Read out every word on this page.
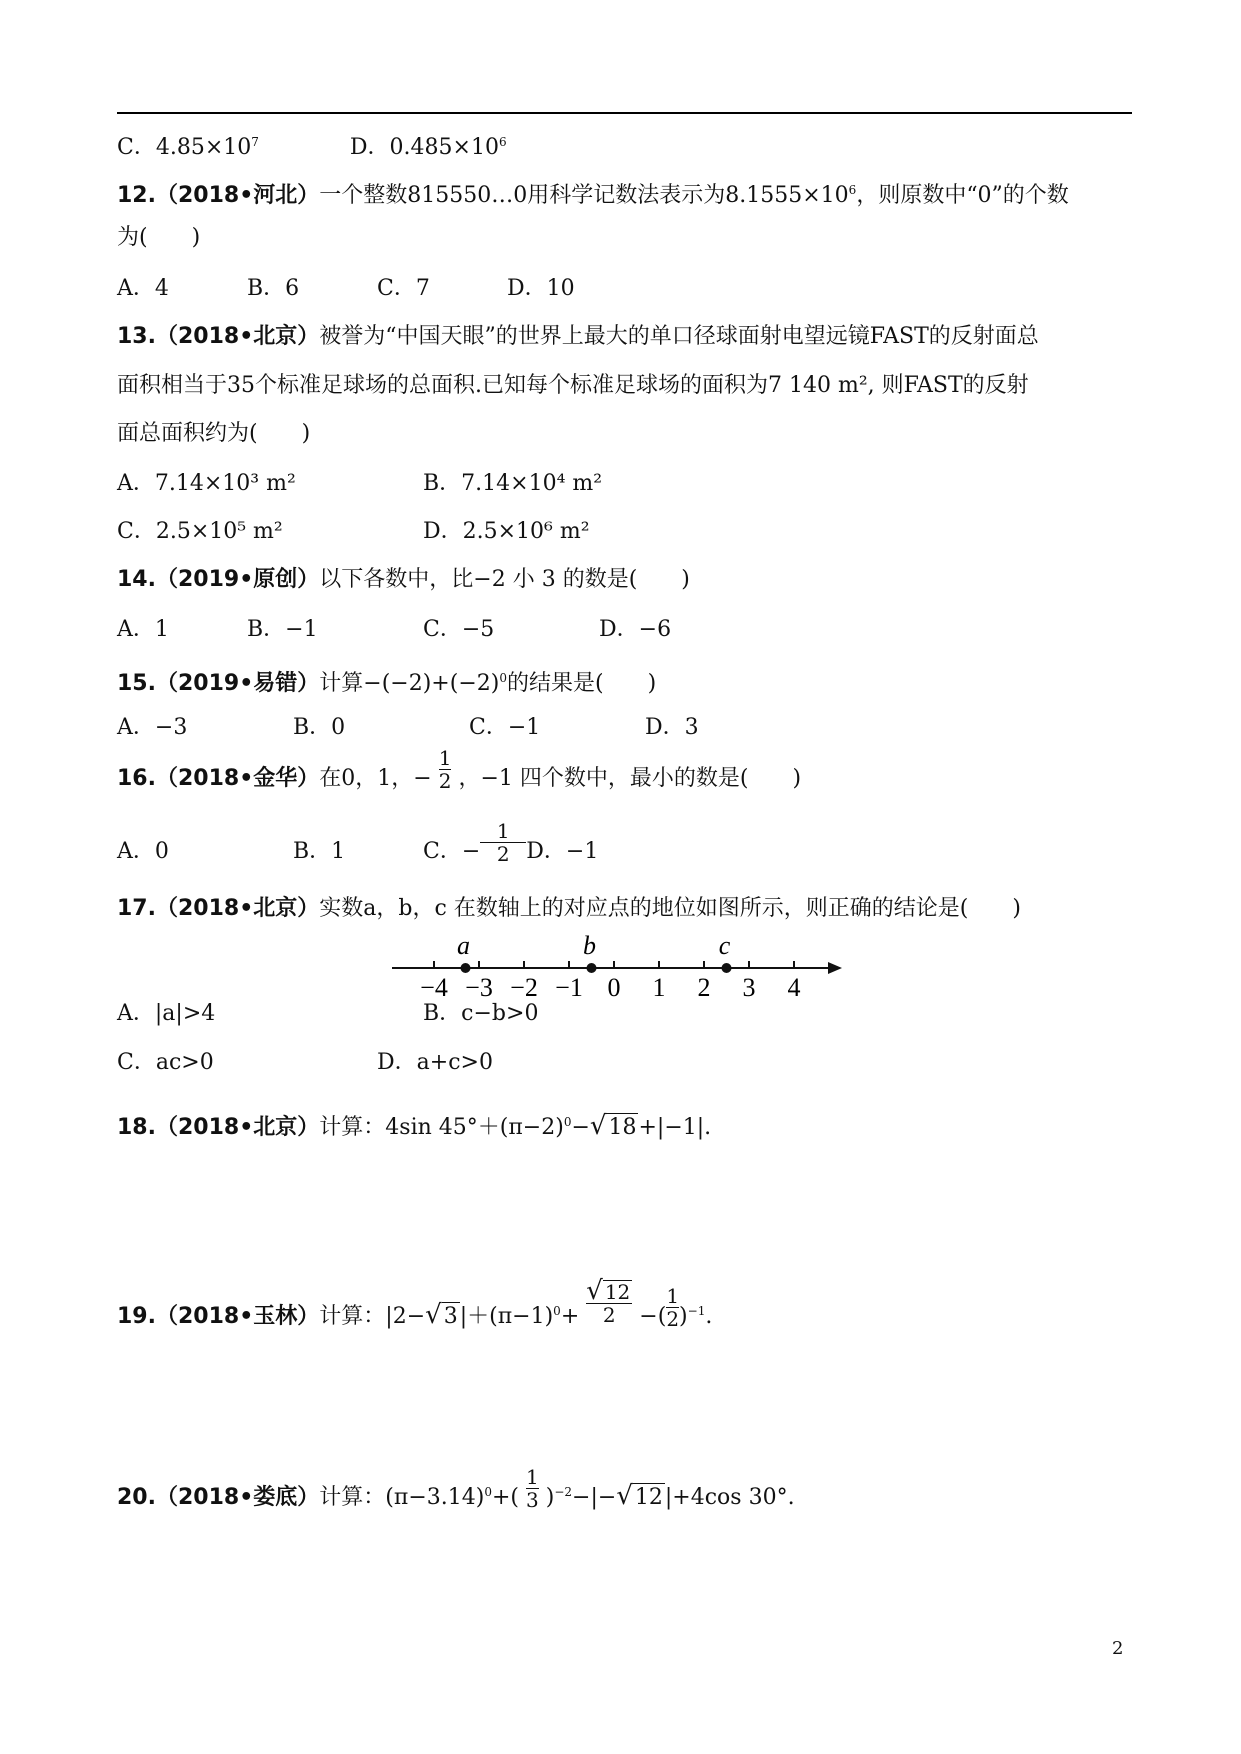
C．$4.85\times 10^7$	D．$0.485\times 10^6$
12.（2018•河北）一个整数815550…0用科学记数法表示为$8.1555\times 10^6$，则原数中“0”的个数
为(　　)
A．4	B．6	C．7	D．10
13.（2018•北京）被誉为“中国天眼”的世界上最大的单口径球面射电望远镜FAST的反射面总
面积相当于35个标准足球场的总面积.已知每个标准足球场的面积为7 140 m², 则FAST的反射
面总面积约为(　　)
A．7.14×10³ m²	B．7.14×10⁴ m²
C．2.5×10⁵ m²	D．2.5×10⁶ m²
14.（2019•原创）以下各数中，比−2 小 3 的数是(　　)
A．1	B．−1	C．−5	D．−6
15.（2019•易错）计算$-(-2)+(-2)^0$的结果是(　　)
A．−3	B．0	C．−1	D．3
16.（2018•金华）在0，1，− $\frac{1}{2}$ ，−1 四个数中，最小的数是(　　)
A．0	B．1	C．− $\frac{1}{2}$ D．−1
17.（2018•北京）实数a，b，c 在数轴上的对应点的地位如图所示，则正确的结论是(　　)
−4 −3 −2 −1 0 1 2 3 4
a	b	c
A．|a|>4	B．c−b>0
C．ac>0	D．a+c>0
18.（2018•北京）计算：4sin $45^\circ+(\pi-2)^0-√18+|-1|$.
19.（2018•玉林）计算：$|2-√3|+(\pi-1)^0+ \frac{√ 12}{2}$ −( $\frac{1}{2} )^{-1}$.
20.（2018•娄底）计算：$(\pi-3.14)^0+( \frac{1}{3} )^{-2}-|-√12|+4\cos$ 30°.
2
